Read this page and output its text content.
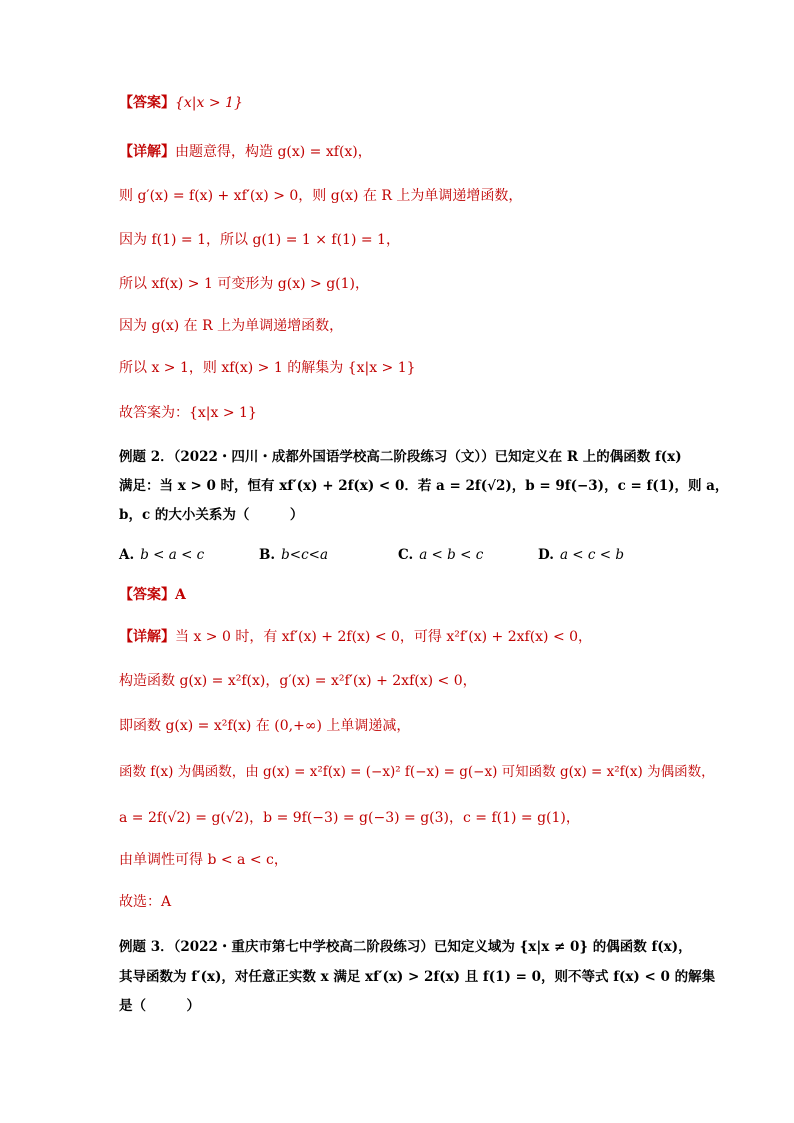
【答案】{x|x > 1}
【详解】由题意得，构造 g(x) = xf(x)，
则 g′(x) = f(x) + xf′(x) > 0，则 g(x) 在 R 上为单调递增函数，
因为 f(1) = 1，所以 g(1) = 1 × f(1) = 1，
所以 xf(x) > 1 可变形为 g(x) > g(1)，
因为 g(x) 在 R 上为单调递增函数，
所以 x > 1，则 xf(x) > 1 的解集为 {x|x > 1}
故答案为：{x|x > 1}
例题 2．（2022・四川・成都外国语学校高二阶段练习（文））已知定义在 R 上的偶函数 f(x)
满足：当 x > 0 时，恒有 xf′(x) + 2f(x) < 0．若 a = 2f(√2)，b = 9f(−3)，c = f(1)，则 a，
b，c 的大小关系为（　　　）
A. b < a < c	B. b<c<a	C. a < b < c	D. a < c < b
【答案】A
【详解】当 x > 0 时，有 xf′(x) + 2f(x) < 0，可得 x²f′(x) + 2xf(x) < 0，
构造函数 g(x) = x²f(x)，g′(x) = x²f′(x) + 2xf(x) < 0，
即函数 g(x) = x²f(x) 在 (0,+∞) 上单调递减，
函数 f(x) 为偶函数，由 g(x) = x²f(x) = (−x)² f(−x) = g(−x) 可知函数 g(x) = x²f(x) 为偶函数，
a = 2f(√2) = g(√2)，b = 9f(−3) = g(−3) = g(3)，c = f(1) = g(1)，
由单调性可得 b < a < c，
故选：A
例题 3．（2022・重庆市第七中学校高二阶段练习）已知定义域为 {x|x ≠ 0} 的偶函数 f(x)，
其导函数为 f′(x)，对任意正实数 x 满足 xf′(x) > 2f(x) 且 f(1) = 0，则不等式 f(x) < 0 的解集
是（　　　）
